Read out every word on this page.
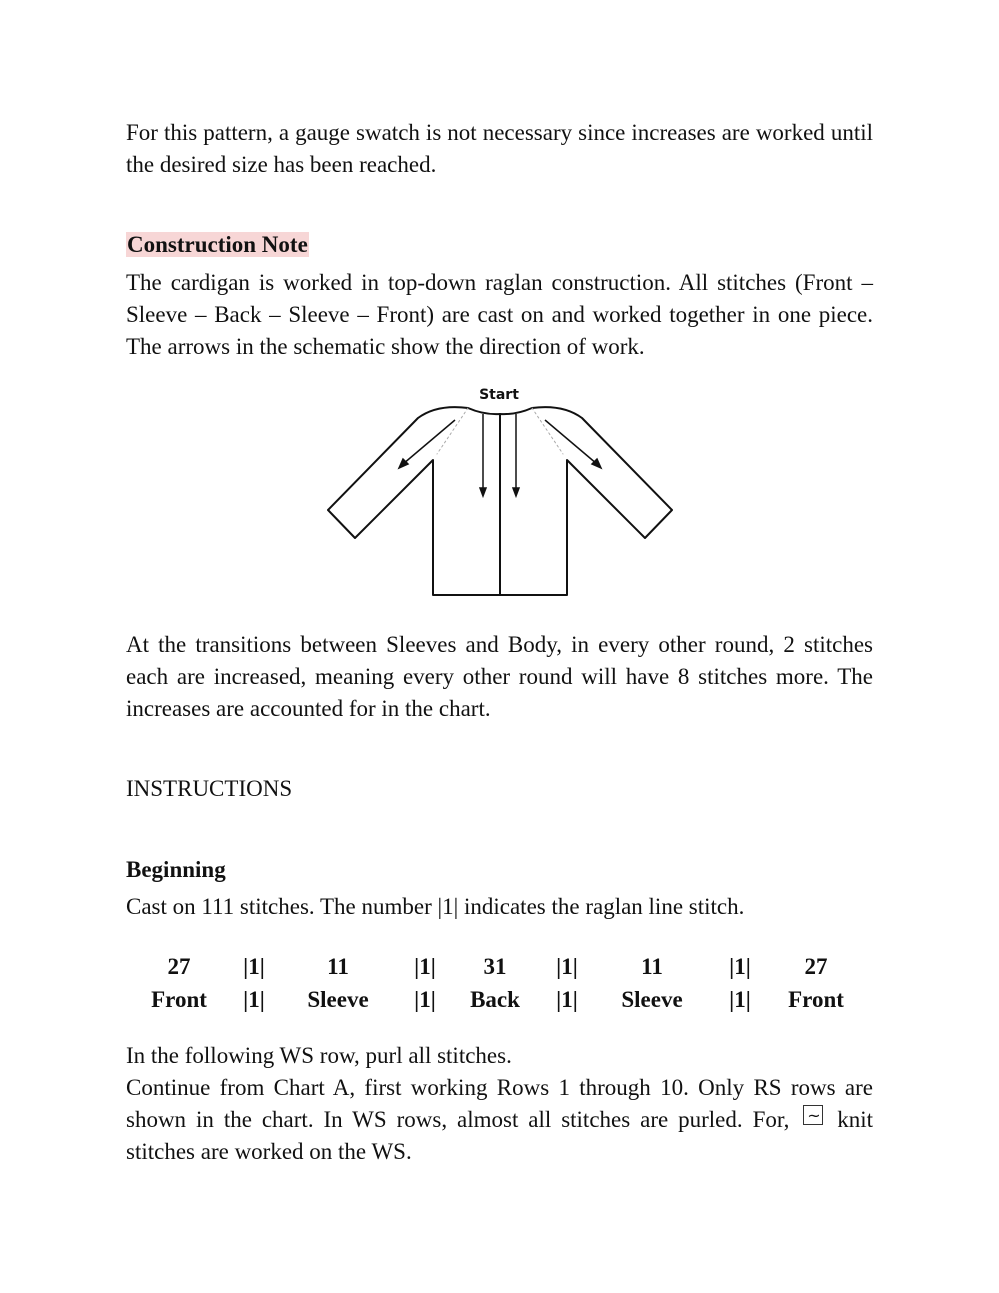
For this pattern, a gauge swatch is not necessary since increases are worked until the desired size has been reached.

Construction Note

The cardigan is worked in top-down raglan construction. All stitches (Front – Sleeve – Back – Sleeve – Front) are cast on and worked together in one piece. The arrows in the schematic show the direction of work.

Start

At the transitions between Sleeves and Body, in every other round, 2 stitches each are increased, meaning every other round will have 8 stitches more. The increases are accounted for in the chart.

INSTRUCTIONS

Beginning

Cast on 111 stitches. The number |1| indicates the raglan line stitch.

27
Front
|1|
|1|
11
Sleeve
|1|
|1|
31
Back
|1|
|1|
11
Sleeve
|1|
|1|
27
Front

In the following WS row, purl all stitches.

Continue from Chart A, first working Rows 1 through 10. Only RS rows are shown in the chart. In WS rows, almost all stitches are purled. For, ~ knit stitches are worked on the WS.
